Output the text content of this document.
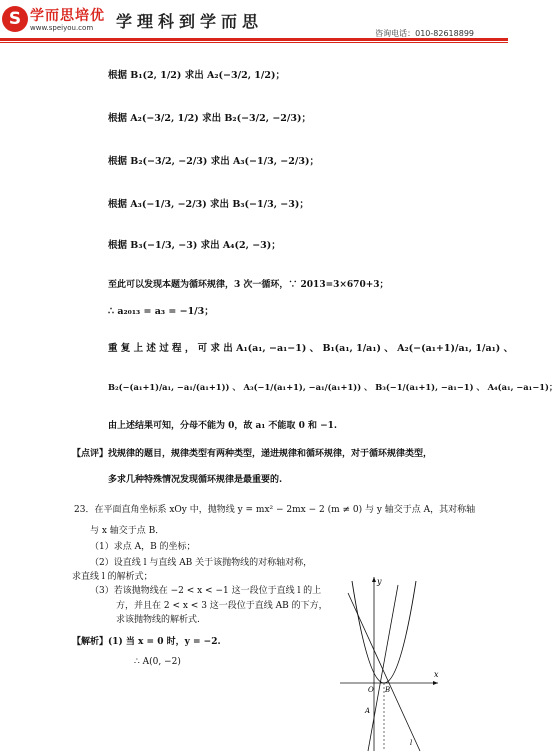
S 学而思培优
www.speiyou.com 学理科到学而思
咨询电话：010-82618899
根据 B₁(2, 1/2) 求出 A₂(−3/2, 1/2)；
根据 A₂(−3/2, 1/2) 求出 B₂(−3/2, −2/3)；
根据 B₂(−3/2, −2/3) 求出 A₃(−1/3, −2/3)；
根据 A₃(−1/3, −2/3) 求出 B₃(−1/3, −3)；
根据 B₃(−1/3, −3) 求出 A₄(2, −3)；
至此可以发现本题为循环规律，3 次一循环，∵ 2013=3×670+3；
∴ a₂₀₁₃ = a₃ = −1/3；
重 复 上 述 过 程 ， 可 求 出 A₁(a₁, −a₁−1) 、 B₁(a₁, 1/a₁) 、 A₂(−(a₁+1)/a₁, 1/a₁) 、
B₂(−(a₁+1)/a₁, −a₁/(a₁+1)) 、 A₃(−1/(a₁+1), −a₁/(a₁+1)) 、 B₃(−1/(a₁+1), −a₁−1) 、 A₄(a₁, −a₁−1)；
由上述结果可知，分母不能为 0，故 a₁ 不能取 0 和 −1.
【点评】找规律的题目，规律类型有两种类型，递进规律和循环规律，对于循环规律类型，
多求几种特殊情况发现循环规律是最重要的.
23．在平面直角坐标系 xOy 中，抛物线 y = mx² − 2mx − 2 (m ≠ 0) 与 y 轴交于点 A，其对称轴
与 x 轴交于点 B．
（1）求点 A，B 的坐标；
（2）设直线 l 与直线 AB 关于该抛物线的对称轴对称，
求直线 l 的解析式；
（3）若该抛物线在 −2 < x < −1 这一段位于直线 l 的上
方，并且在 2 < x < 3 这一段位于直线 AB 的下方，
求该抛物线的解析式.
【解析】(1) 当 x = 0 时，y = −2.
∴ A(0, −2)
y
x
O B
A
l
